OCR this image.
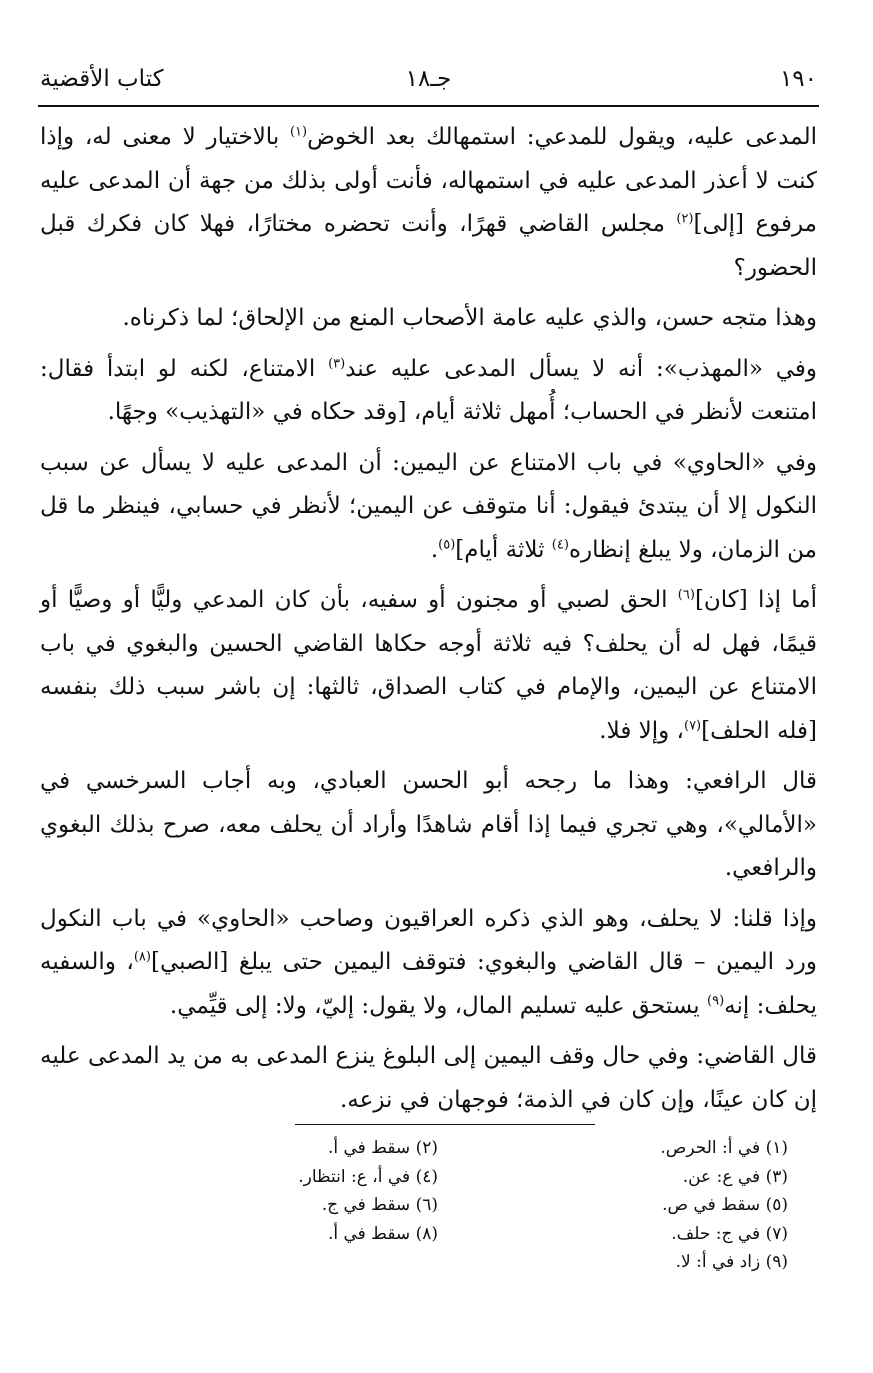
١٩٠
جـ١٨
كتاب الأقضية

المدعى عليه، ويقول للمدعي: استمهالك بعد الخوض$^{(١)}$ بالاختيار لا معنى له، وإذا كنت لا أعذر المدعى عليه في استمهاله، فأنت أولى بذلك من جهة أن المدعى عليه مرفوع [إلى]$^{(٢)}$ مجلس القاضي قهرًا، وأنت تحضره مختارًا، فهلا كان فكرك قبل الحضور؟

وهذا متجه حسن، والذي عليه عامة الأصحاب المنع من الإلحاق؛ لما ذكرناه.

وفي «المهذب»: أنه لا يسأل المدعى عليه عند$^{(٣)}$ الامتناع، لكنه لو ابتدأ فقال: امتنعت لأنظر في الحساب؛ أُمهل ثلاثة أيام، [وقد حكاه في «التهذيب» وجهًا.

وفي «الحاوي» في باب الامتناع عن اليمين: أن المدعى عليه لا يسأل عن سبب النكول إلا أن يبتدئ فيقول: أنا متوقف عن اليمين؛ لأنظر في حسابي، فينظر ما قل من الزمان، ولا يبلغ إنظاره$^{(٤)}$ ثلاثة أيام]$^{(٥)}$.

أما إذا [كان]$^{(٦)}$ الحق لصبي أو مجنون أو سفيه، بأن كان المدعي وليًّا أو وصيًّا أو قيمًا، فهل له أن يحلف؟ فيه ثلاثة أوجه حكاها القاضي الحسين والبغوي في باب الامتناع عن اليمين، والإمام في كتاب الصداق، ثالثها: إن باشر سبب ذلك بنفسه [فله الحلف]$^{(٧)}$، وإلا فلا.

قال الرافعي: وهذا ما رجحه أبو الحسن العبادي، وبه أجاب السرخسي في «الأمالي»، وهي تجري فيما إذا أقام شاهدًا وأراد أن يحلف معه، صرح بذلك البغوي والرافعي.

وإذا قلنا: لا يحلف، وهو الذي ذكره العراقيون وصاحب «الحاوي» في باب النكول ورد اليمين – قال القاضي والبغوي: فتوقف اليمين حتى يبلغ [الصبي]$^{(٨)}$، والسفيه يحلف: إنه$^{(٩)}$ يستحق عليه تسليم المال، ولا يقول: إليّ، ولا: إلى قيِّمي.

قال القاضي: وفي حال وقف اليمين إلى البلوغ ينزع المدعى به من يد المدعى عليه إن كان عينًا، وإن كان في الذمة؛ فوجهان في نزعه.

(١) في أ: الحرص.
(٣) في ع: عن.
(٥) سقط في ص.
(٧) في ج: حلف.
(٩) زاد في أ: لا.
(٢) سقط في أ.
(٤) في أ، ع: انتظار.
(٦) سقط في ج.
(٨) سقط في أ.
